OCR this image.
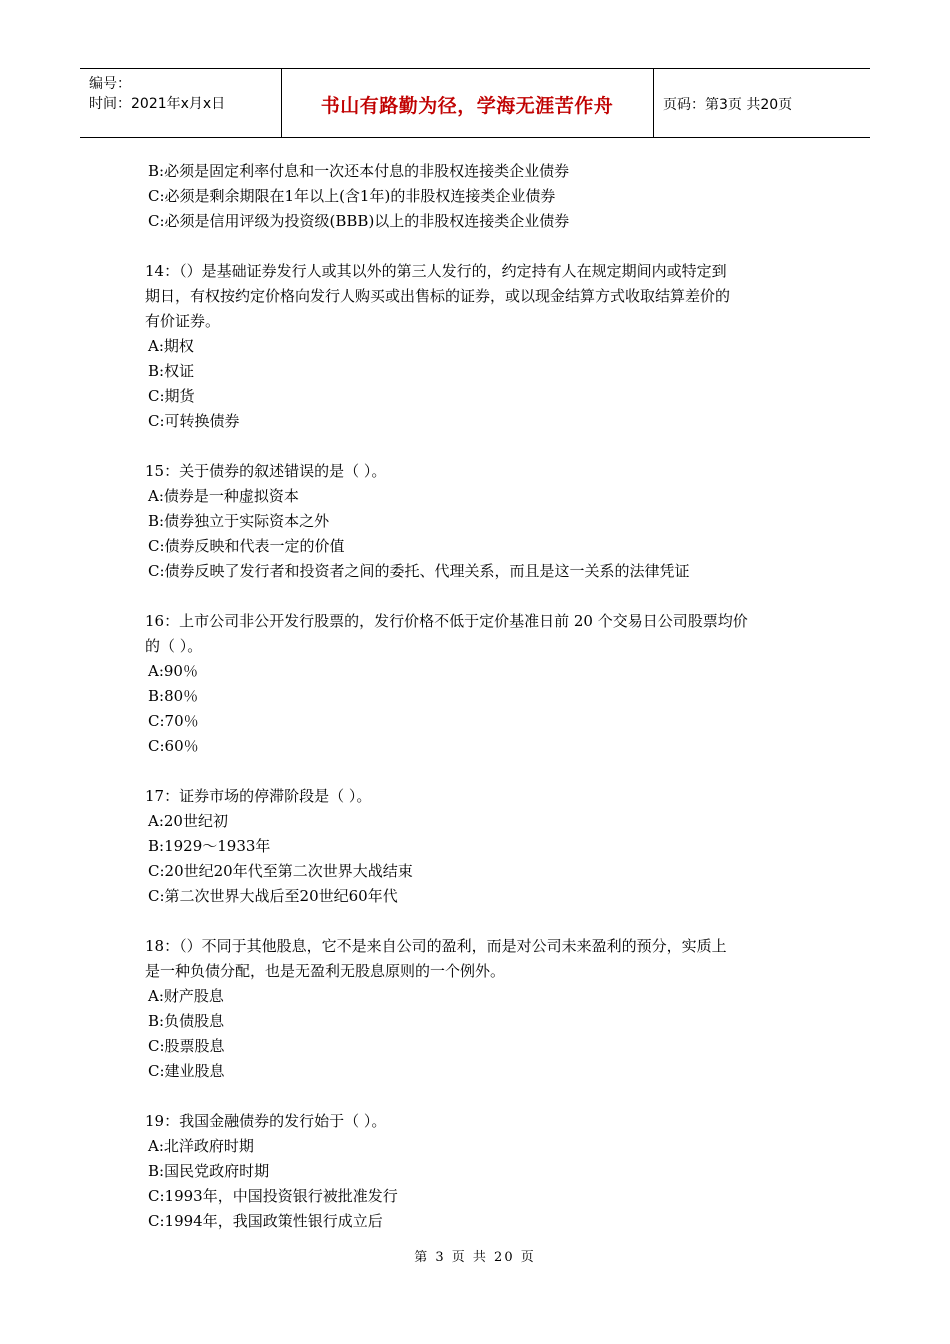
编号：
时间：2021年x月x日	书山有路勤为径，学海无涯苦作舟	页码：第3页 共20页
B:必须是固定利率付息和一次还本付息的非股权连接类企业债券
C:必须是剩余期限在1年以上(含1年)的非股权连接类企业债券
C:必须是信用评级为投资级(BBB)以上的非股权连接类企业债券
14：（）是基础证券发行人或其以外的第三人发行的，约定持有人在规定期间内或特定到
期日，有权按约定价格向发行人购买或出售标的证券，或以现金结算方式收取结算差价的
有价证券。
A:期权
B:权证
C:期货
C:可转换债券
15：关于债券的叙述错误的是（ ）。
A:债券是一种虚拟资本
B:债券独立于实际资本之外
C:债券反映和代表一定的价值
C:债券反映了发行者和投资者之间的委托、代理关系，而且是这一关系的法律凭证
16：上市公司非公开发行股票的，发行价格不低于定价基准日前 20 个交易日公司股票均价
的（ ）。
A:90％
B:80％
C:70％
C:60％
17：证券市场的停滞阶段是（ ）。
A:20世纪初
B:1929～1933年
C:20世纪20年代至第二次世界大战结束
C:第二次世界大战后至20世纪60年代
18：（）不同于其他股息，它不是来自公司的盈利，而是对公司未来盈利的预分，实质上
是一种负债分配，也是无盈利无股息原则的一个例外。
A:财产股息
B:负债股息
C:股票股息
C:建业股息
19：我国金融债券的发行始于（ ）。
A:北洋政府时期
B:国民党政府时期
C:1993年，中国投资银行被批准发行
C:1994年，我国政策性银行成立后
第 3 页 共 20 页
